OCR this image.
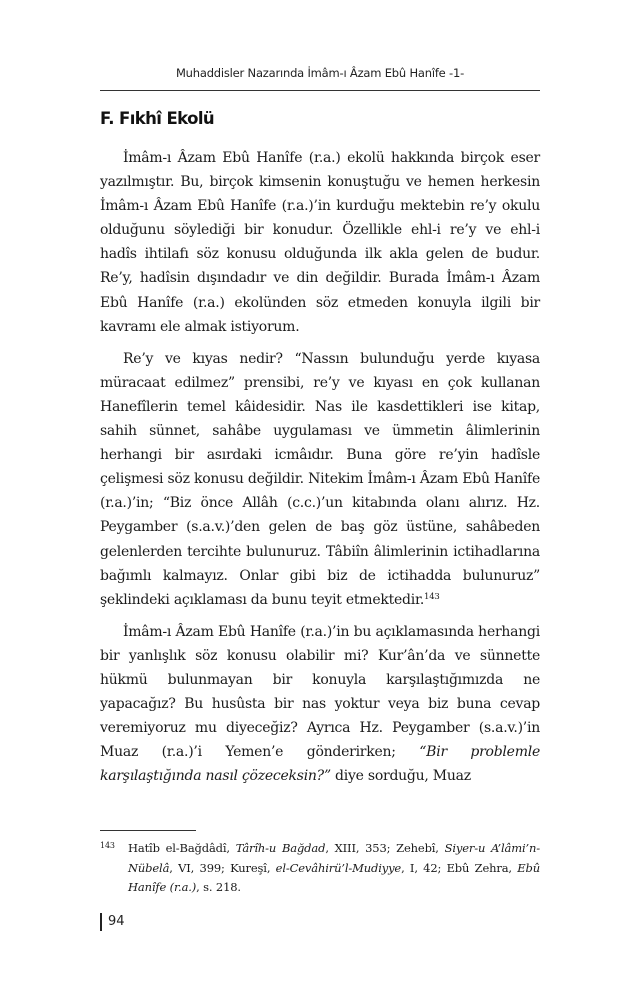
Muhaddisler Nazarında İmâm-ı Âzam Ebû Hanîfe -1-
F. Fıkhî Ekolü

İmâm-ı Âzam Ebû Hanîfe (r.a.) ekolü hakkında birçok eser yazılmıştır. Bu, birçok kimsenin konuştuğu ve hemen herkesin İmâm-ı Âzam Ebû Hanîfe (r.a.)’in kurduğu mektebin re’y okulu olduğunu söylediği bir konudur. Özellikle ehl-i re’y ve ehl-i hadîs ihtilafı söz konusu olduğunda ilk akla gelen de budur. Re’y, hadîsin dışındadır ve din değildir. Burada İmâm-ı Âzam Ebû Hanîfe (r.a.) ekolünden söz etmeden konuyla ilgili bir kavramı ele almak istiyorum.

Re’y ve kıyas nedir? “Nassın bulunduğu yerde kıyasa müracaat edilmez” prensibi, re’y ve kıyası en çok kullanan Hanefîlerin temel kâidesidir. Nas ile kasdettikleri ise kitap, sahih sünnet, sahâbe uygulaması ve ümmetin âlimlerinin herhangi bir asırdaki icmâıdır. Buna göre re’yin hadîsle çelişmesi söz konusu değildir. Nitekim İmâm-ı Âzam Ebû Hanîfe (r.a.)’in; “Biz önce Allâh (c.c.)’un kitabında olanı alırız. Hz. Peygamber (s.a.v.)’den gelen de baş göz üstüne, sahâbeden gelenlerden tercihte bulunuruz. Tâbiîn âlimlerinin ictihadlarına bağımlı kalmayız. Onlar gibi biz de ictihadda bulunuruz” şeklindeki açıklaması da bunu teyit etmektedir.$^{143}$

İmâm-ı Âzam Ebû Hanîfe (r.a.)’in bu açıklamasında herhangi bir yanlışlık söz konusu olabilir mi? Kur’ân’da ve sünnette hükmü bulunmayan bir konuyla karşılaştığımızda ne yapacağız? Bu husûsta bir nas yoktur veya biz buna cevap veremiyoruz mu diyeceğiz? Ayrıca Hz. Peygamber (s.a.v.)’in Muaz (r.a.)’i Yemen’e gönderirken; “Bir problemle karşılaştığında nasıl çözeceksin?” diye sorduğu, Muaz

143 Hatîb el-Bağdâdî, Târîh-u Bağdad, XIII, 353; Zehebî, Siyer-u A’lâmi’n-Nübelâ, VI, 399; Kureşî, el-Cevâhirü’l-Mudiyye, I, 42; Ebû Zehra, Ebû Hanîfe (r.a.), s. 218.
94
